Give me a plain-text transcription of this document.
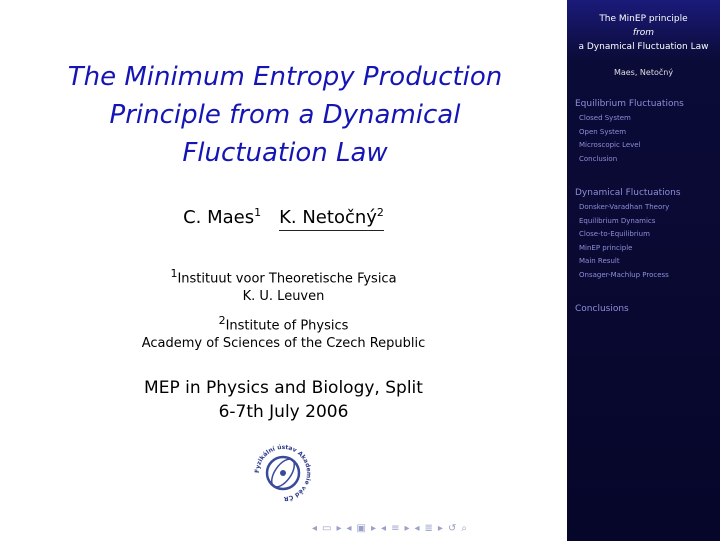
The Minimum Entropy Production Principle from a Dynamical Fluctuation Law
C. Maes$^1$ K. Netočný$^2$
$^1$Instituut voor Theoretische Fysica
K. U. Leuven
$^2$Institute of Physics
Academy of Sciences of the Czech Republic
MEP in Physics and Biology, Split
6-7th July 2006
Fyzikální ústav Akademie věd ČR
◂ ▭ ▸ ◂ ▣ ▸ ◂ ≡ ▸ ◂ ≣ ▸ ↺ ⌕
The MinEP principle
from
a Dynamical Fluctuation Law
Maes, Netočný
Equilibrium Fluctuations
Closed System
Open System
Microscopic Level
Conclusion
Dynamical Fluctuations
Donsker-Varadhan Theory
Equilibrium Dynamics
Close-to-Equilibrium
MinEP principle
Main Result
Onsager-Machlup Process
Conclusions
